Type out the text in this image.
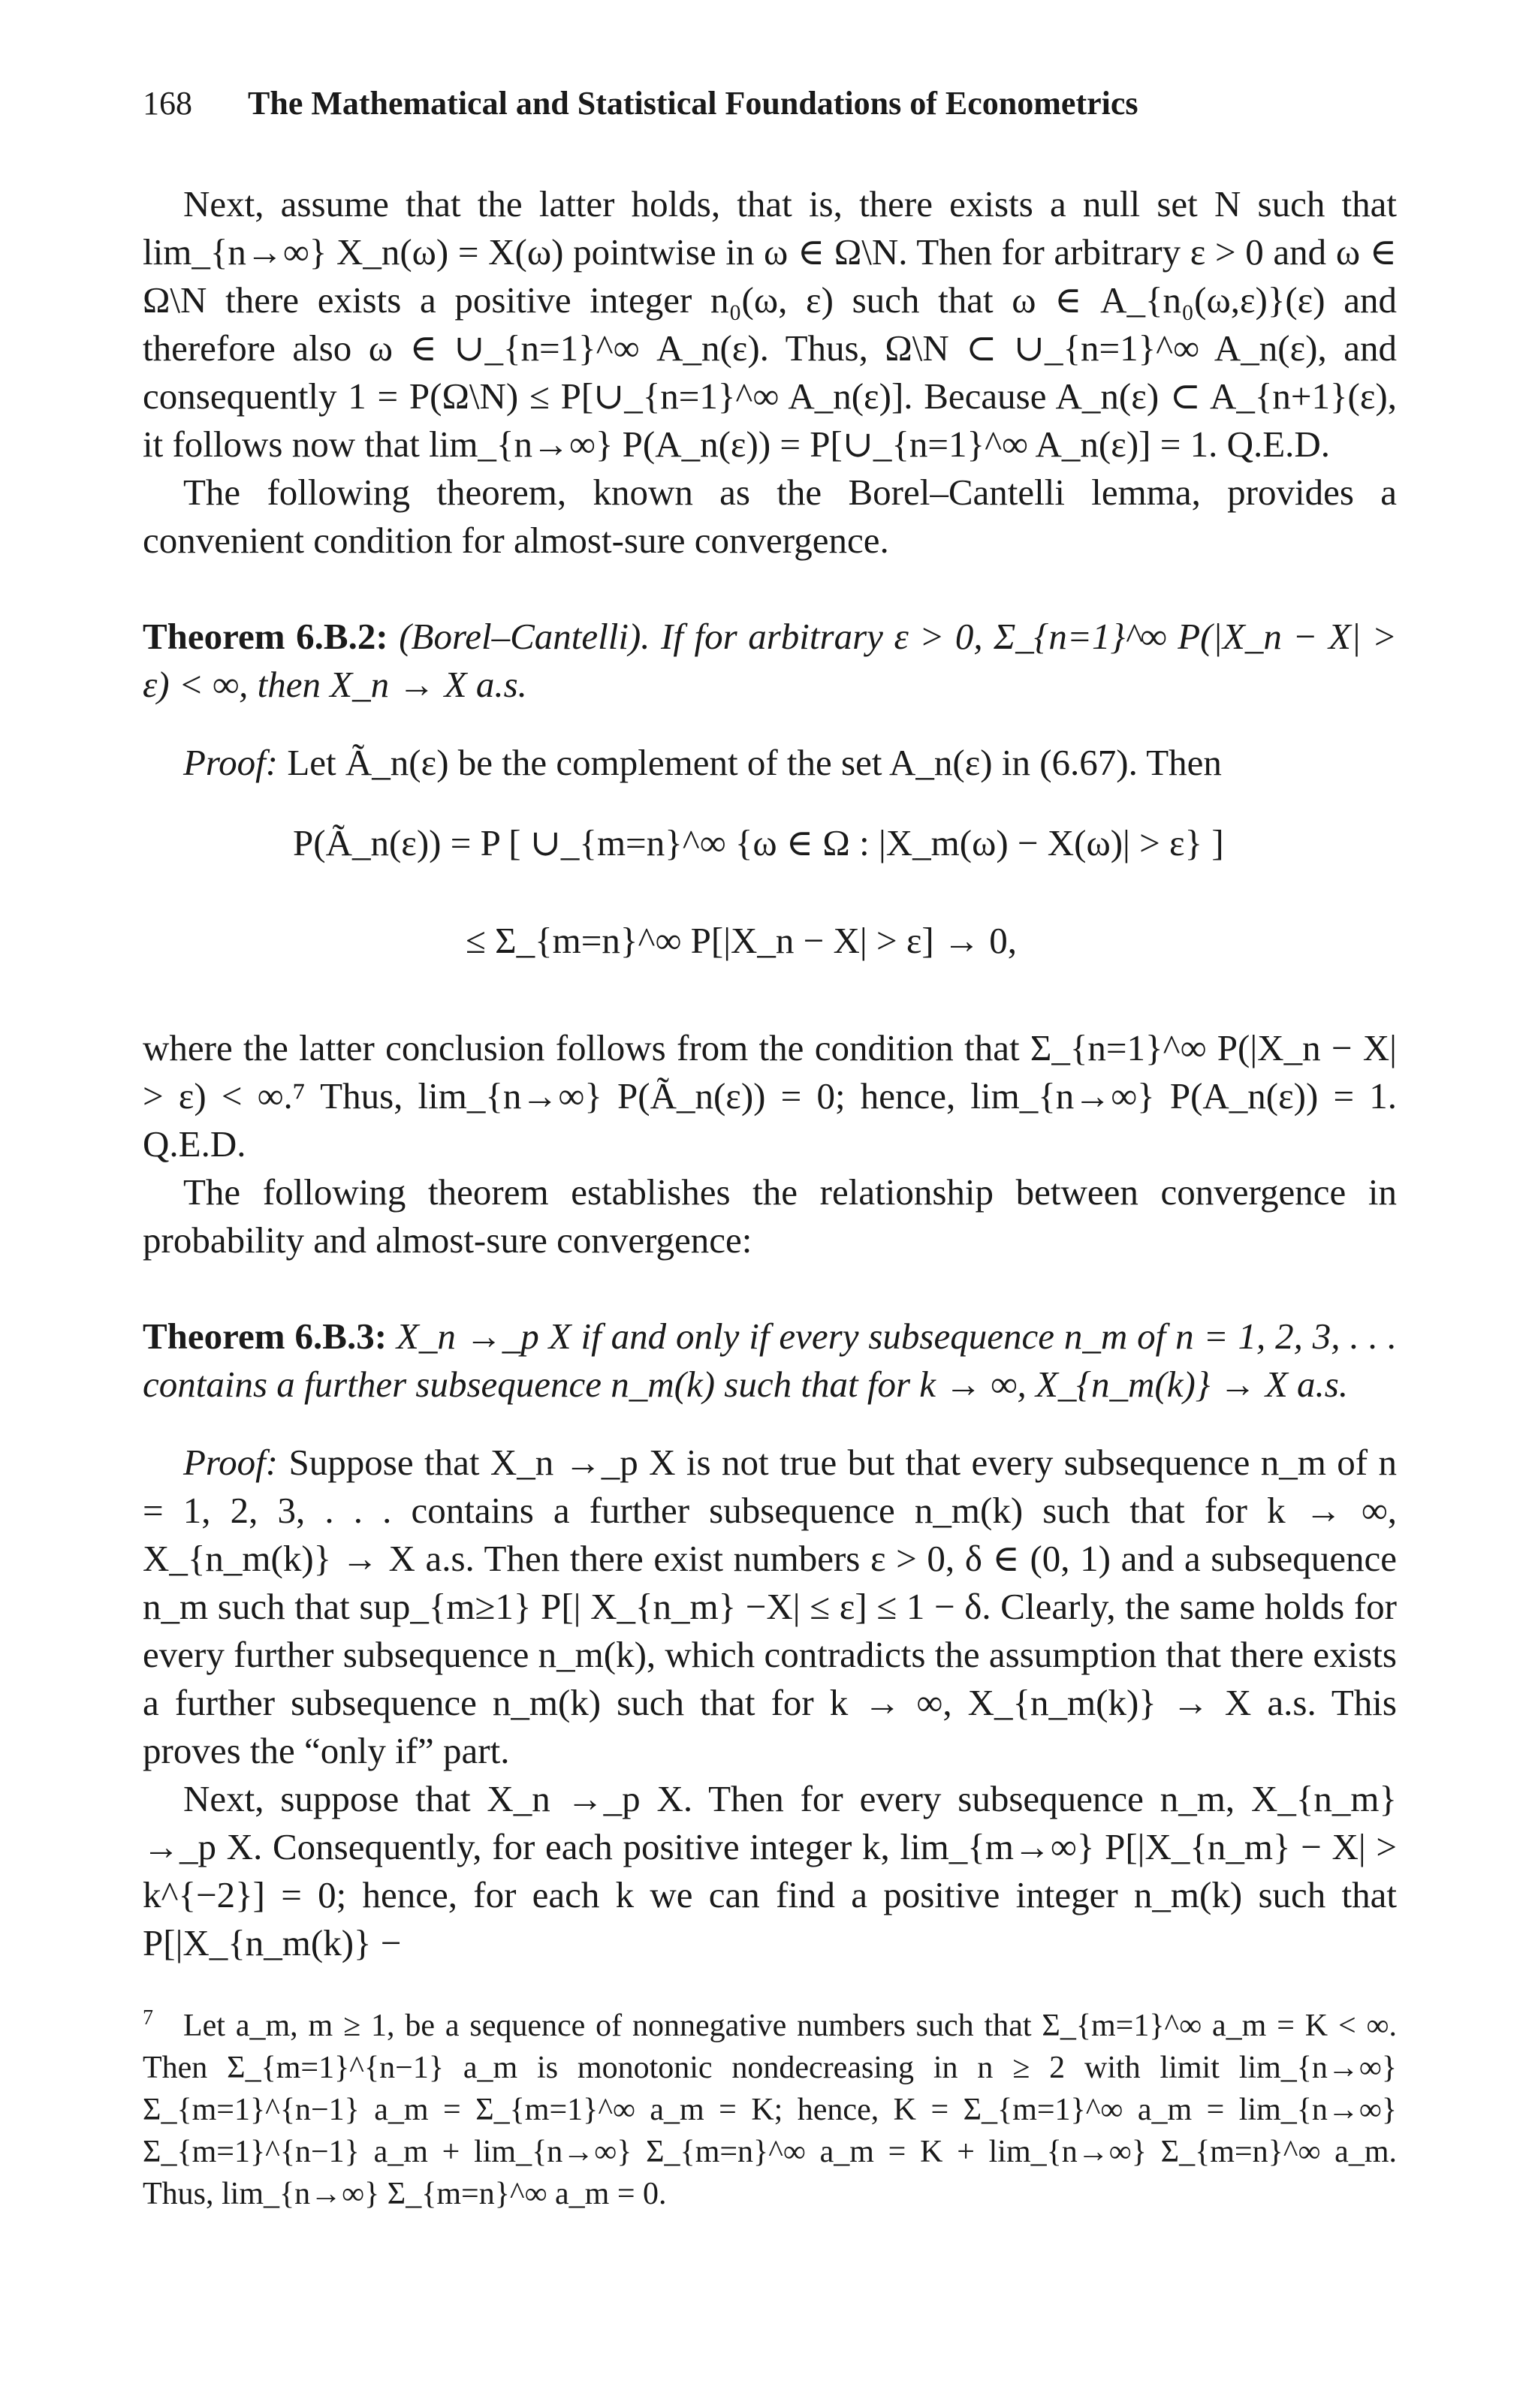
168 The Mathematical and Statistical Foundations of Econometrics

Next, assume that the latter holds, that is, there exists a null set N such that lim_{n→∞} X_n(ω) = X(ω) pointwise in ω ∈ Ω\N. Then for arbitrary ε > 0 and ω ∈ Ω\N there exists a positive integer n₀(ω, ε) such that ω ∈ A_{n₀(ω,ε)}(ε) and therefore also ω ∈ ∪_{n=1}^∞ A_n(ε). Thus, Ω\N ⊂ ∪_{n=1}^∞ A_n(ε), and consequently 1 = P(Ω\N) ≤ P[∪_{n=1}^∞ A_n(ε)]. Because A_n(ε) ⊂ A_{n+1}(ε), it follows now that lim_{n→∞} P(A_n(ε)) = P[∪_{n=1}^∞ A_n(ε)] = 1. Q.E.D.

The following theorem, known as the Borel–Cantelli lemma, provides a convenient condition for almost-sure convergence.

Theorem 6.B.2: (Borel–Cantelli). If for arbitrary ε > 0, Σ_{n=1}^∞ P(|X_n − X| > ε) < ∞, then X_n → X a.s.

Proof: Let Ã_n(ε) be the complement of the set A_n(ε) in (6.67). Then

P(Ã_n(ε)) = P [ ∪_{m=n}^∞ {ω ∈ Ω : |X_m(ω) − X(ω)| > ε} ]
≤ Σ_{m=n}^∞ P[|X_n − X| > ε] → 0,

where the latter conclusion follows from the condition that Σ_{n=1}^∞ P(|X_n − X| > ε) < ∞.⁷ Thus, lim_{n→∞} P(Ã_n(ε)) = 0; hence, lim_{n→∞} P(A_n(ε)) = 1. Q.E.D.

The following theorem establishes the relationship between convergence in probability and almost-sure convergence:

Theorem 6.B.3: X_n →_p X if and only if every subsequence n_m of n = 1, 2, 3, . . . contains a further subsequence n_m(k) such that for k → ∞, X_{n_m(k)} → X a.s.

Proof: Suppose that X_n →_p X is not true but that every subsequence n_m of n = 1, 2, 3, . . . contains a further subsequence n_m(k) such that for k → ∞, X_{n_m(k)} → X a.s. Then there exist numbers ε > 0, δ ∈ (0, 1) and a subsequence n_m such that sup_{m≥1} P[| X_{n_m} −X| ≤ ε] ≤ 1 − δ. Clearly, the same holds for every further subsequence n_m(k), which contradicts the assumption that there exists a further subsequence n_m(k) such that for k → ∞, X_{n_m(k)} → X a.s. This proves the “only if” part.

Next, suppose that X_n →_p X. Then for every subsequence n_m, X_{n_m} →_p X. Consequently, for each positive integer k, lim_{m→∞} P[|X_{n_m} − X| > k^{−2}] = 0; hence, for each k we can find a positive integer n_m(k) such that P[|X_{n_m(k)} −

$^7$ Let a_m, m ≥ 1, be a sequence of nonnegative numbers such that Σ_{m=1}^∞ a_m = K < ∞. Then Σ_{m=1}^{n−1} a_m is monotonic nondecreasing in n ≥ 2 with limit lim_{n→∞} Σ_{m=1}^{n−1} a_m = Σ_{m=1}^∞ a_m = K; hence, K = Σ_{m=1}^∞ a_m = lim_{n→∞} Σ_{m=1}^{n−1} a_m + lim_{n→∞} Σ_{m=n}^∞ a_m = K + lim_{n→∞} Σ_{m=n}^∞ a_m. Thus, lim_{n→∞} Σ_{m=n}^∞ a_m = 0.
